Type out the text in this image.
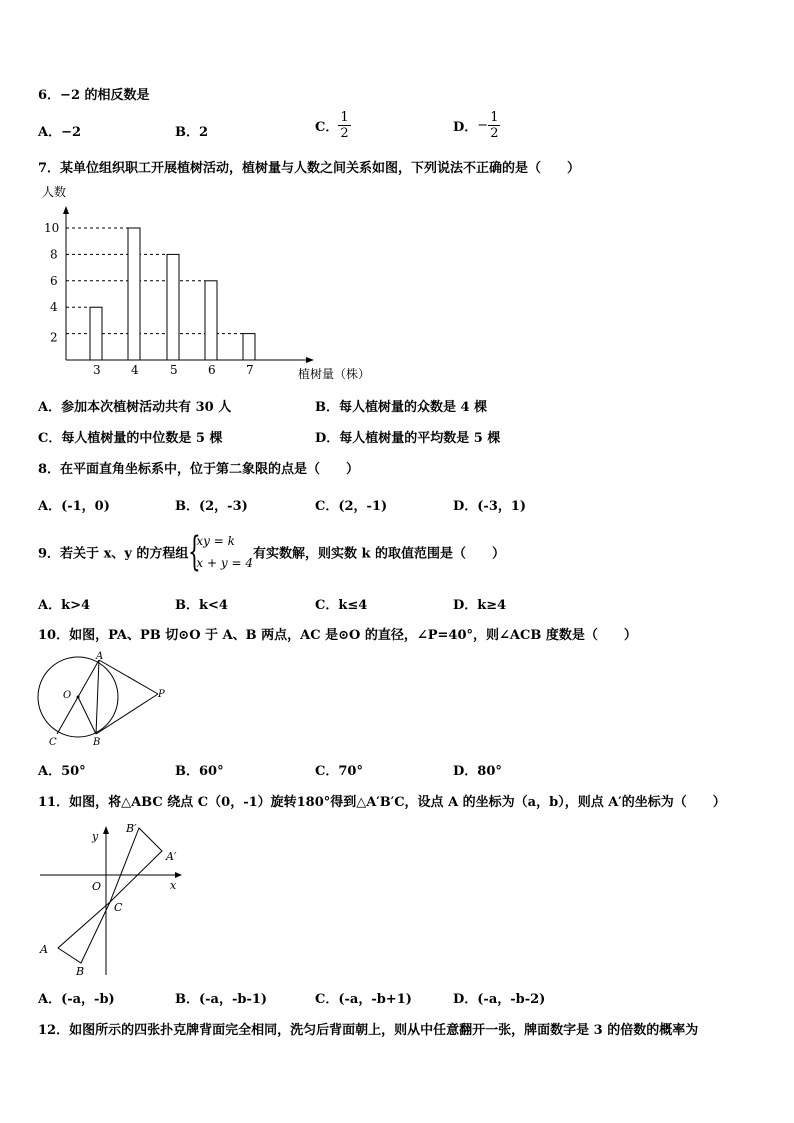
6．−2 的相反数是
A．−2	B．2	C． $\frac{1}{2}$	D．− $\frac{1}{2}$
7．某单位组织职工开展植树活动，植树量与人数之间关系如图，下列说法不正确的是（　　）
人数
植树量（株）
3	4	5	6	7
2
4
6
8
10
A．参加本次植树活动共有 30 人	B．每人植树量的众数是 4 棵
C．每人植树量的中位数是 5 棵	D．每人植树量的平均数是 5 棵
8．在平面直角坐标系中，位于第二象限的点是（　　）
A．(-1，0)	B．(2，-3)	C．(2，-1)	D．(-3，1)
9．若关于 x、y 的方程组 {
xy = k
x + y = 4
有实数解，则实数 k 的取值范围是（　　）
A．k>4	B．k<4	C．k≤4	D．k≥4
10．如图，PA、PB 切⊙O 于 A、B 两点，AC 是⊙O 的直径，∠P=40°，则∠ACB 度数是（　　）
A
O	P
C	B
A．50°	B．60°	C．70°	D．80°
11．如图，将△ABC 绕点 C（0，-1）旋转180°得到△A′B′C，设点 A 的坐标为（a，b），则点 A′的坐标为（　　）
B′
A′
O
C
A
B
y
x
A．(-a，-b)	B．(-a，-b-1)	C．(-a，-b+1)	D．(-a，-b-2)
12．如图所示的四张扑克牌背面完全相同，洗匀后背面朝上，则从中任意翻开一张，牌面数字是 3 的倍数的概率为
